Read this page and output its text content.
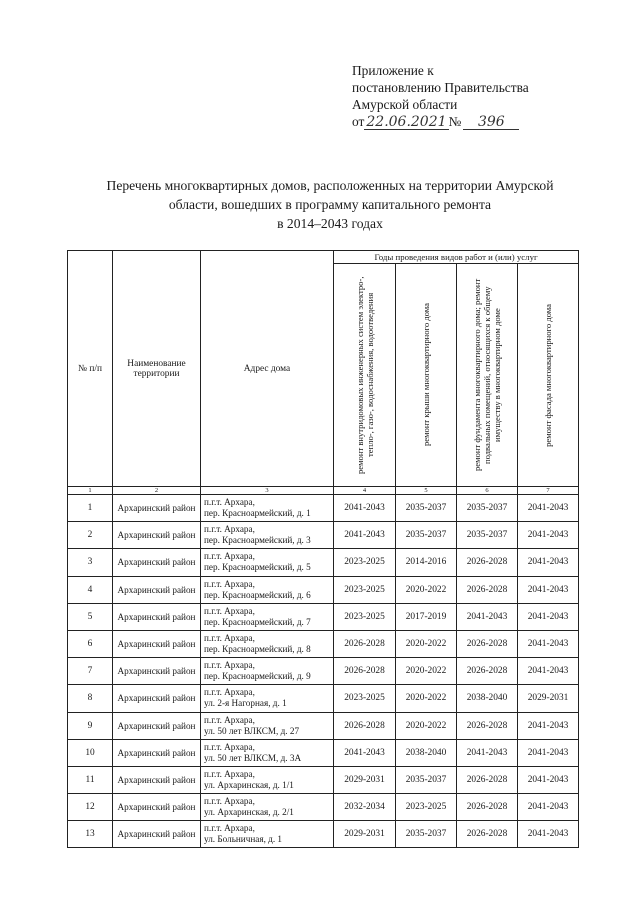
Приложение к
постановлению Правительства
Амурской области
от 22.06.2021 №	396
Перечень многоквартирных домов, расположенных на территории Амурской
области, вошедших в программу капитального ремонта
в 2014–2043 годах
№ п/п	Наименование территории	Адрес дома	Годы проведения видов работ и (или) услуг			

			ремонт внутридомовых инженерных систем электро-, тепло-, газо-, водоснабжения, водоотведения	ремонт крыши многоквартирного дома	ремонт фундамента многоквартирного дома; ремонт подвальных помещений, относящихся к общему имуществу в многоквартирном доме	ремонт фасада многоквартирного дома

1	2	3	4	5	6	7
1	Архаринский район	п.г.т. Архара,
пер. Красноармейский, д. 1	2041-2043	2035-2037	2035-2037	2041-2043
2	Архаринский район	п.г.т. Архара,
пер. Красноармейский, д. 3	2041-2043	2035-2037	2035-2037	2041-2043
3	Архаринский район	п.г.т. Архара,
пер. Красноармейский, д. 5	2023-2025	2014-2016	2026-2028	2041-2043
4	Архаринский район	п.г.т. Архара,
пер. Красноармейский, д. 6	2023-2025	2020-2022	2026-2028	2041-2043
5	Архаринский район	п.г.т. Архара,
пер. Красноармейский, д. 7	2023-2025	2017-2019	2041-2043	2041-2043
6	Архаринский район	п.г.т. Архара,
пер. Красноармейский, д. 8	2026-2028	2020-2022	2026-2028	2041-2043
7	Архаринский район	п.г.т. Архара,
пер. Красноармейский, д. 9	2026-2028	2020-2022	2026-2028	2041-2043
8	Архаринский район	п.г.т. Архара,
ул. 2-я Нагорная, д. 1	2023-2025	2020-2022	2038-2040	2029-2031
9	Архаринский район	п.г.т. Архара,
ул. 50 лет ВЛКСМ, д. 27	2026-2028	2020-2022	2026-2028	2041-2043
10	Архаринский район	п.г.т. Архара,
ул. 50 лет ВЛКСМ, д. 3А	2041-2043	2038-2040	2041-2043	2041-2043
11	Архаринский район	п.г.т. Архара,
ул. Архаринская, д. 1/1	2029-2031	2035-2037	2026-2028	2041-2043
12	Архаринский район	п.г.т. Архара,
ул. Архаринская, д. 2/1	2032-2034	2023-2025	2026-2028	2041-2043
13	Архаринский район	п.г.т. Архара,
ул. Больничная, д. 1	2029-2031	2035-2037	2026-2028	2041-2043
